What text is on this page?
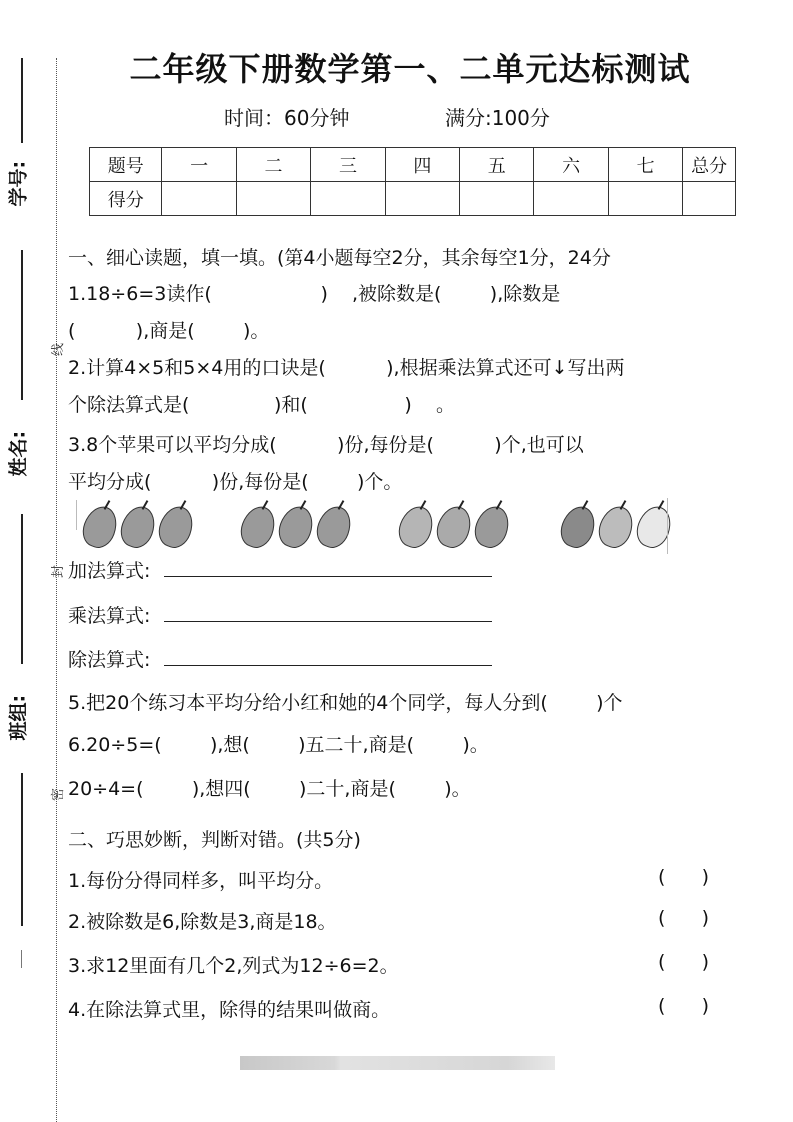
学号:
姓名:
班组:
线
封
密
二年级下册数学第一、二单元达标测试
时间：60分钟	满分:100分
题号	一	二	三	四	五	六	七	总分
得分								
一、细心读题，填一填。(第4小题每空2分，其余每空1分，24分
1.18÷6=3读作(                  )    ,被除数是(        ),除数是
(          ),商是(        )。
2.计算4×5和5×4用的口诀是(          ),根据乘法算式还可↓写出两
个除法算式是(              )和(                )    。
3.8个苹果可以平均分成(          )份,每份是(          )个,也可以
平均分成(          )份,每份是(        )个。
加法算式:
乘法算式:
除法算式:
5.把20个练习本平均分给小红和她的4个同学，每人分到(        )个
6.20÷5=(        ),想(        )五二十,商是(        )。
20÷4=(        ),想四(        )二十,商是(        )。
二、巧思妙断，判断对错。(共5分)
1.每份分得同样多，叫平均分。	(      )
2.被除数是6,除数是3,商是18。	(      )
3.求12里面有几个2,列式为12÷6=2。	(      )
4.在除法算式里，除得的结果叫做商。	(      )
